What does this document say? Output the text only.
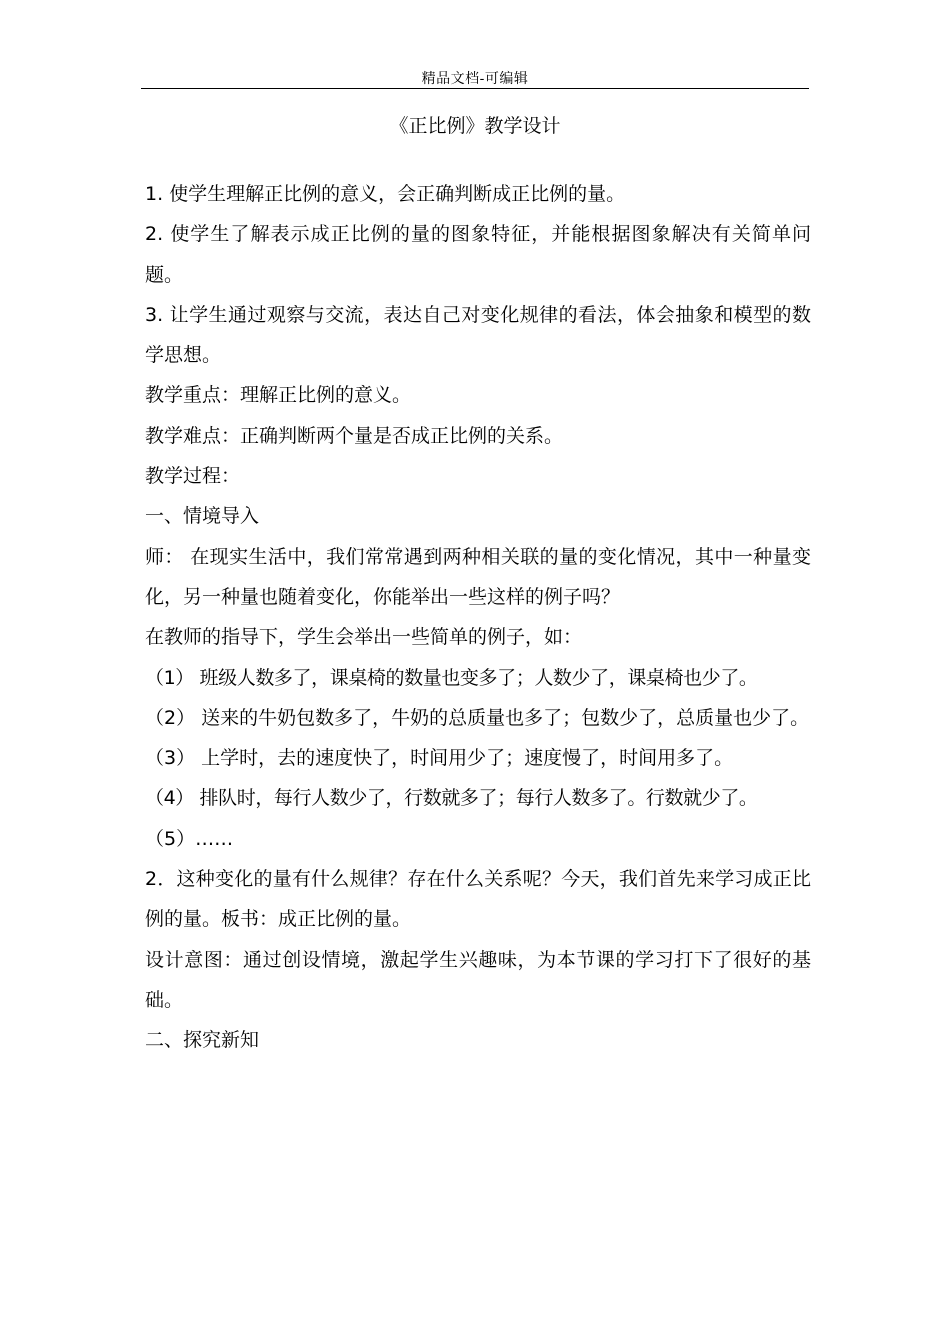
精品文档-可编辑
《正比例》教学设计

1. 使学生理解正比例的意义，会正确判断成正比例的量。

2. 使学生了解表示成正比例的量的图象特征，并能根据图象解决有关简单问题。

3. 让学生通过观察与交流，表达自己对变化规律的看法，体会抽象和模型的数学思想。

教学重点：理解正比例的意义。

教学难点：正确判断两个量是否成正比例的关系。

教学过程：

一、情境导入

师： 在现实生活中，我们常常遇到两种相关联的量的变化情况，其中一种量变化，另一种量也随着变化，你能举出一些这样的例子吗？

在教师的指导下，学生会举出一些简单的例子，如：

（1） 班级人数多了，课桌椅的数量也变多了；人数少了，课桌椅也少了。

（2） 送来的牛奶包数多了，牛奶的总质量也多了；包数少了，总质量也少了。

（3） 上学时，去的速度快了，时间用少了；速度慢了，时间用多了。

（4） 排队时，每行人数少了，行数就多了；每行人数多了。行数就少了。

（5）……

2．这种变化的量有什么规律？存在什么关系呢？今天，我们首先来学习成正比例的量。板书：成正比例的量。

设计意图：通过创设情境，激起学生兴趣味，为本节课的学习打下了很好的基础。

二、探究新知
